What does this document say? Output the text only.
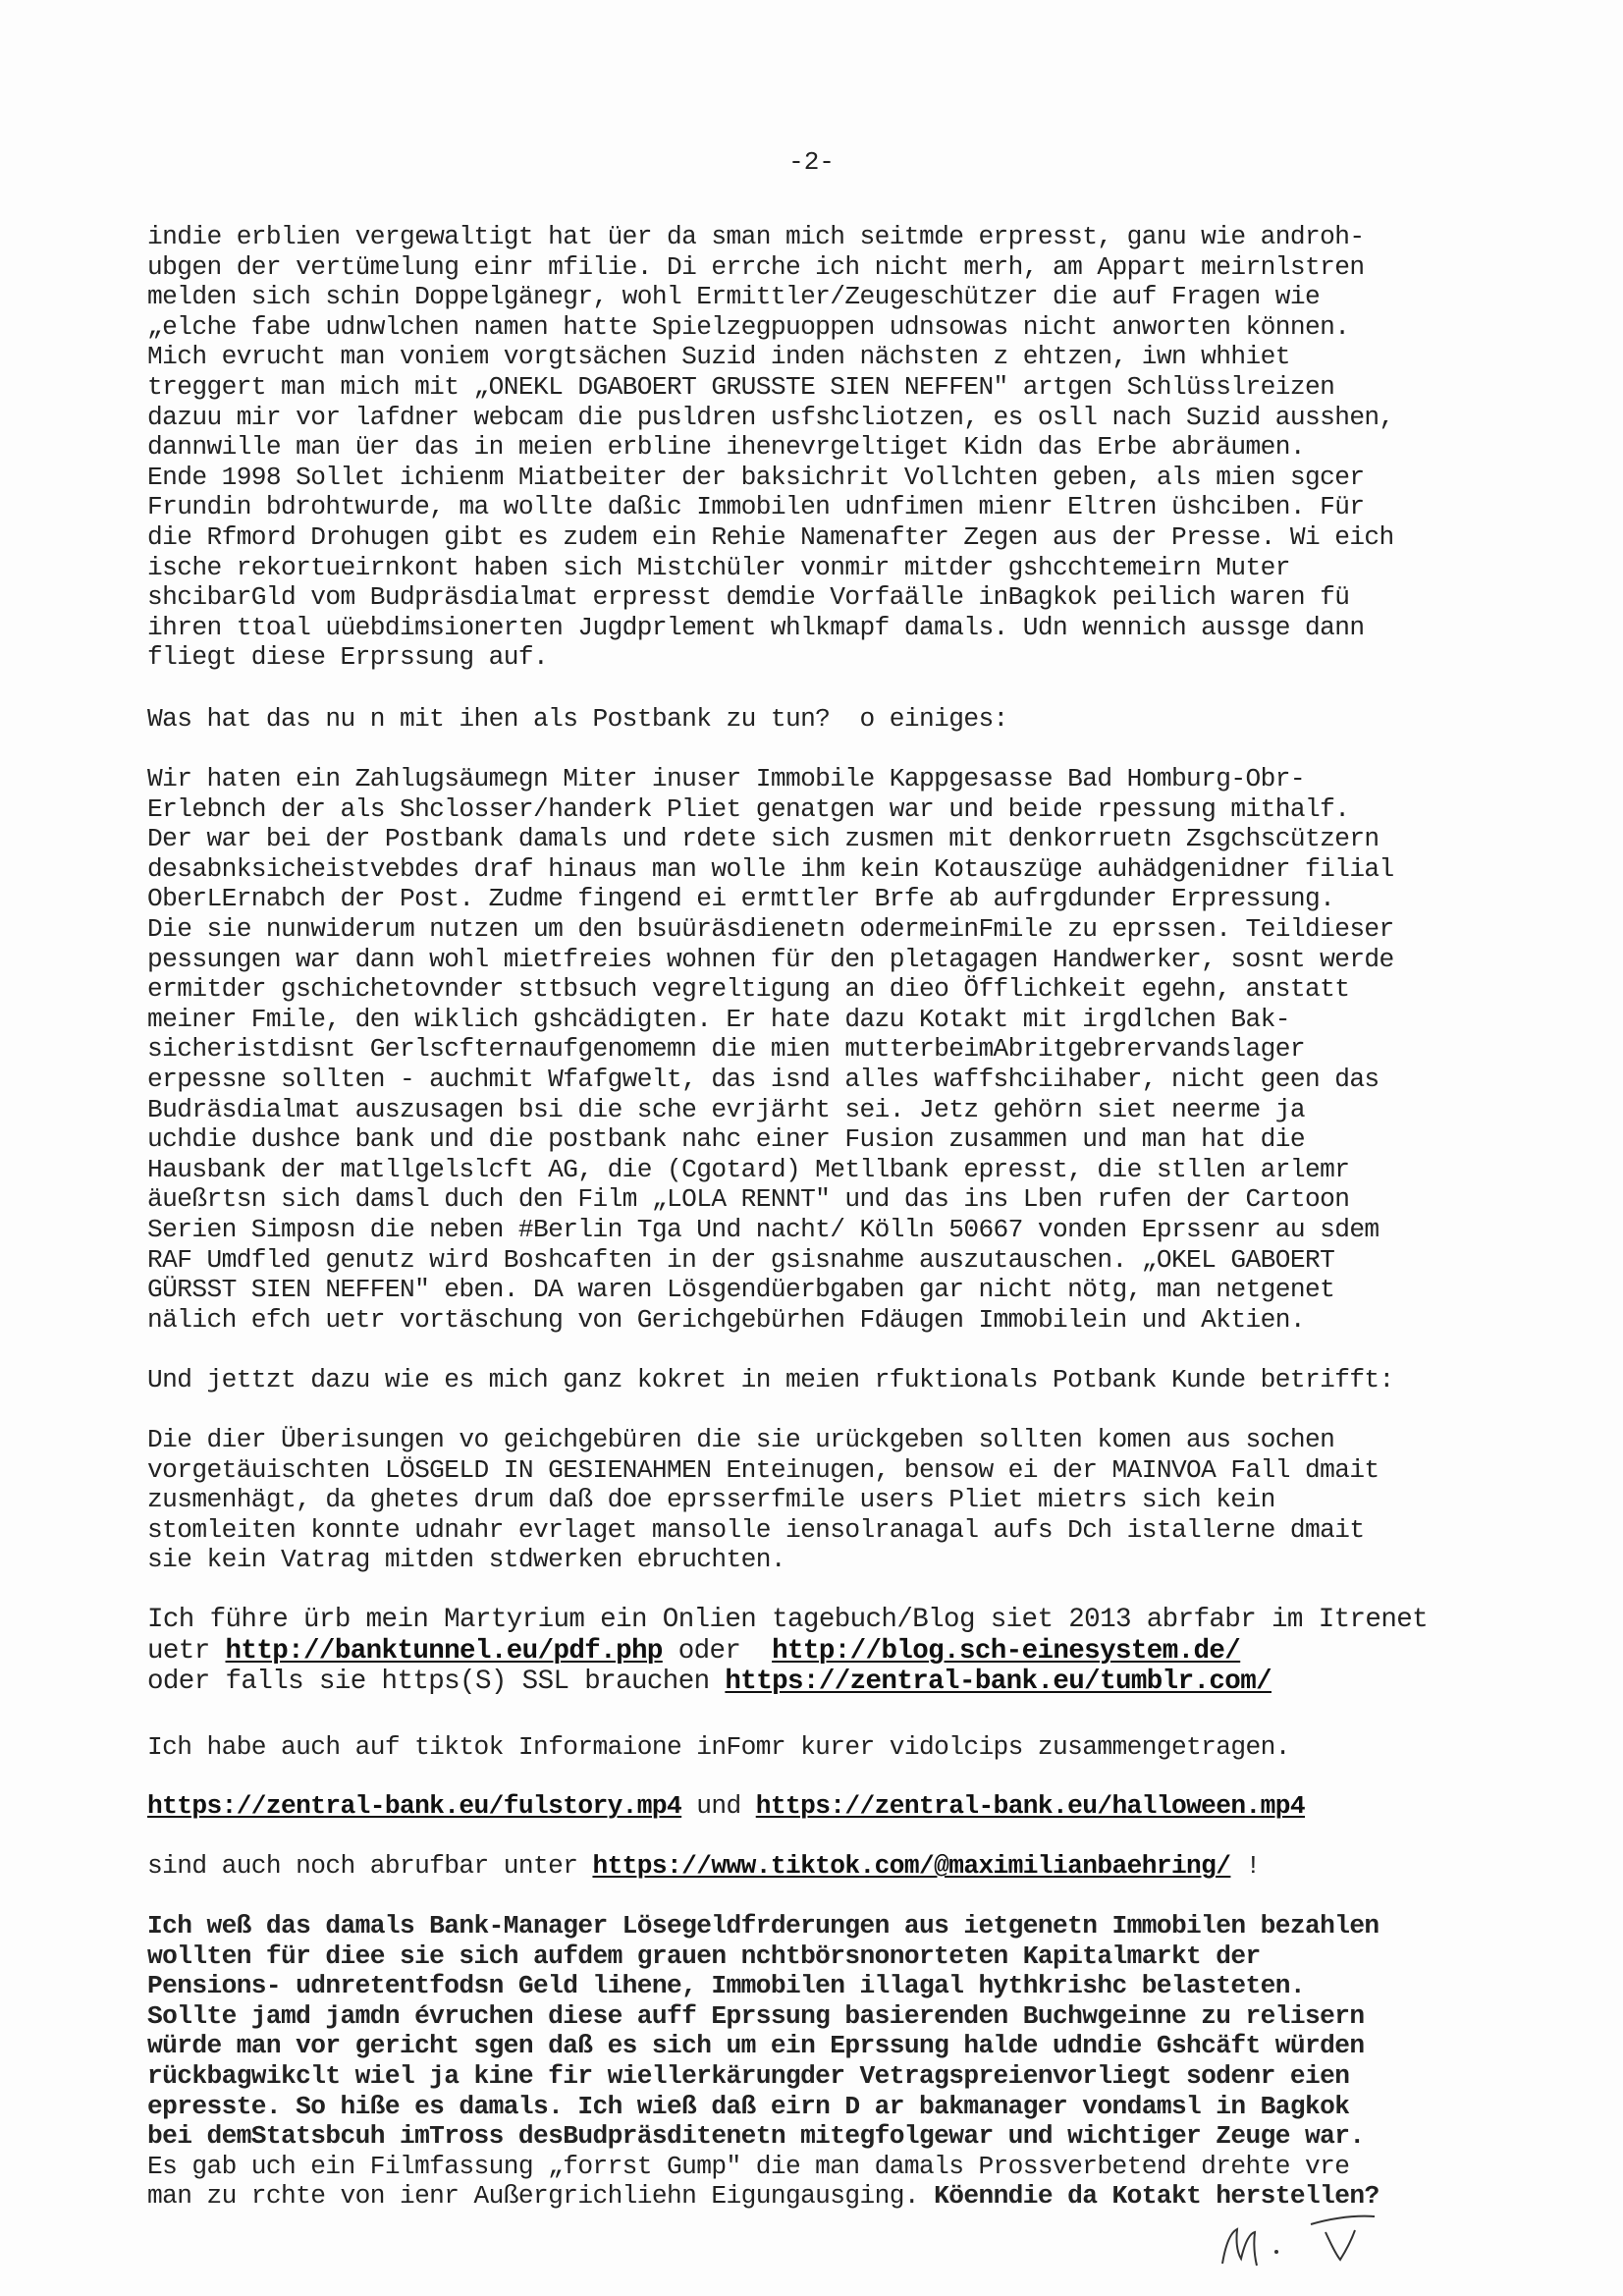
-2-
indie erblien vergewaltigt hat üer da sman mich seitmde erpresst, ganu wie androh-
ubgen der vertümelung einr mfilie. Di errche ich nicht merh, am Appart meirnlstren
melden sich schin Doppelgänegr, wohl Ermittler/Zeugeschützer die auf Fragen wie
„elche fabe udnwlchen namen hatte Spielzegpuoppen udnsowas nicht anworten können.
Mich evrucht man voniem vorgtsächen Suzid inden nächsten z ehtzen, iwn whhiet
treggert man mich mit „ONEKL DGABOERT GRUSSTE SIEN NEFFEN" artgen Schlüsslreizen
dazuu mir vor lafdner webcam die pusldren usfshcliotzen, es osll nach Suzid ausshen,
dannwille man üer das in meien erbline ihenevrgeltiget Kidn das Erbe abräumen.
Ende 1998 Sollet ichienm Miatbeiter der baksichrit Vollchten geben, als mien sgcer
Frundin bdrohtwurde, ma wollte daßic Immobilen udnfimen mienr Eltren üshciben. Für
die Rfmord Drohugen gibt es zudem ein Rehie Namenafter Zegen aus der Presse. Wi eich
ische rekortueirnkont haben sich Mistchüler vonmir mitder gshcchtemeirn Muter
shcibarGld vom Budpräsdialmat erpresst demdie Vorfaälle inBagkok peilich waren fü
ihren ttoal uüebdimsionerten Jugdprlement whlkmapf damals. Udn wennich aussge dann
fliegt diese Erprssung auf.
Was hat das nu n mit ihen als Postbank zu tun?  o einiges:
Wir haten ein Zahlugsäumegn Miter inuser Immobile Kappgesasse Bad Homburg-Obr-
Erlebnch der als Shclosser/handerk Pliet genatgen war und beide rpessung mithalf.
Der war bei der Postbank damals und rdete sich zusmen mit denkorruetn Zsgchscützern
desabnksicheistvebdes draf hinaus man wolle ihm kein Kotauszüge auhädgenidner filial
OberLErnabch der Post. Zudme fingend ei ermttler Brfe ab aufrgdunder Erpressung.
Die sie nunwiderum nutzen um den bsuüräsdienetn odermeinFmile zu eprssen. Teildieser
pessungen war dann wohl mietfreies wohnen für den pletagagen Handwerker, sosnt werde
ermitder gschichetovnder sttbsuch vegreltigung an dieo Öfflichkeit egehn, anstatt
meiner Fmile, den wiklich gshcädigten. Er hate dazu Kotakt mit irgdlchen Bak-
sicheristdisnt Gerlscfternaufgenomemn die mien mutterbeimAbritgebrervandslager
erpessne sollten - auchmit Wfafgwelt, das isnd alles waffshciihaber, nicht geen das
Budräsdialmat auszusagen bsi die sche evrjärht sei. Jetz gehörn siet neerme ja
uchdie dushce bank und die postbank nahc einer Fusion zusammen und man hat die
Hausbank der matllgelslcft AG, die (Cgotard) Metllbank epresst, die stllen arlemr
äueßrtsn sich damsl duch den Film „LOLA RENNT" und das ins Lben rufen der Cartoon
Serien Simposn die neben #Berlin Tga Und nacht/ Kölln 50667 vonden Eprssenr au sdem
RAF Umdfled genutz wird Boshcaften in der gsisnahme auszutauschen. „OKEL GABOERT
GÜRSST SIEN NEFFEN" eben. DA waren Lösgendüerbgaben gar nicht nötg, man netgenet
nälich efch uetr vortäschung von Gerichgebürhen Fdäugen Immobilein und Aktien.
Und jettzt dazu wie es mich ganz kokret in meien rfuktionals Potbank Kunde betrifft:
Die dier Überisungen vo geichgebüren die sie urückgeben sollten komen aus sochen
vorgetäuischten LÖSGELD IN GESIENAHMEN Enteinugen, bensow ei der MAINVOA Fall dmait
zusmenhägt, da ghetes drum daß doe eprsserfmile users Pliet mietrs sich kein
stomleiten konnte udnahr evrlaget mansolle iensolranagal aufs Dch istallerne dmait
sie kein Vatrag mitden stdwerken ebruchten.
Ich führe ürb mein Martyrium ein Onlien tagebuch/Blog siet 2013 abrfabr im Itrenet
uetr http://banktunnel.eu/pdf.php oder  http://blog.sch-einesystem.de/
oder falls sie https(S) SSL brauchen https://zentral-bank.eu/tumblr.com/
Ich habe auch auf tiktok Informaione inFomr kurer vidolcips zusammengetragen.
https://zentral-bank.eu/fulstory.mp4 und https://zentral-bank.eu/halloween.mp4
sind auch noch abrufbar unter https://www.tiktok.com/@maximilianbaehring/ !
Ich weß das damals Bank-Manager Lösegeldfrderungen aus ietgenetn Immobilen bezahlen
wollten für diee sie sich aufdem grauen nchtbörsnonorteten Kapitalmarkt der
Pensions- udnretentfodsn Geld lihene, Immobilen illagal hythkrishc belasteten.
Sollte jamd jamdn évruchen diese auff Eprssung basierenden Buchwgeinne zu relisern
würde man vor gericht sgen daß es sich um ein Eprssung halde udndie Gshcäft würden
rückbagwikclt wiel ja kine fir wiellerkärungder Vetragspreienvorliegt sodenr eien
epresste. So hiße es damals. Ich wieß daß eirn D ar bakmanager vondamsl in Bagkok
bei demStatsbcuh imTross desBudpräsditenetn mitegfolgewar und wichtiger Zeuge war.
Es gab uch ein Filmfassung „forrst Gump" die man damals Prossverbetend drehte vre
man zu rchte von ienr Außergrichliehn Eigungausging. Köenndie da Kotakt herstellen?
